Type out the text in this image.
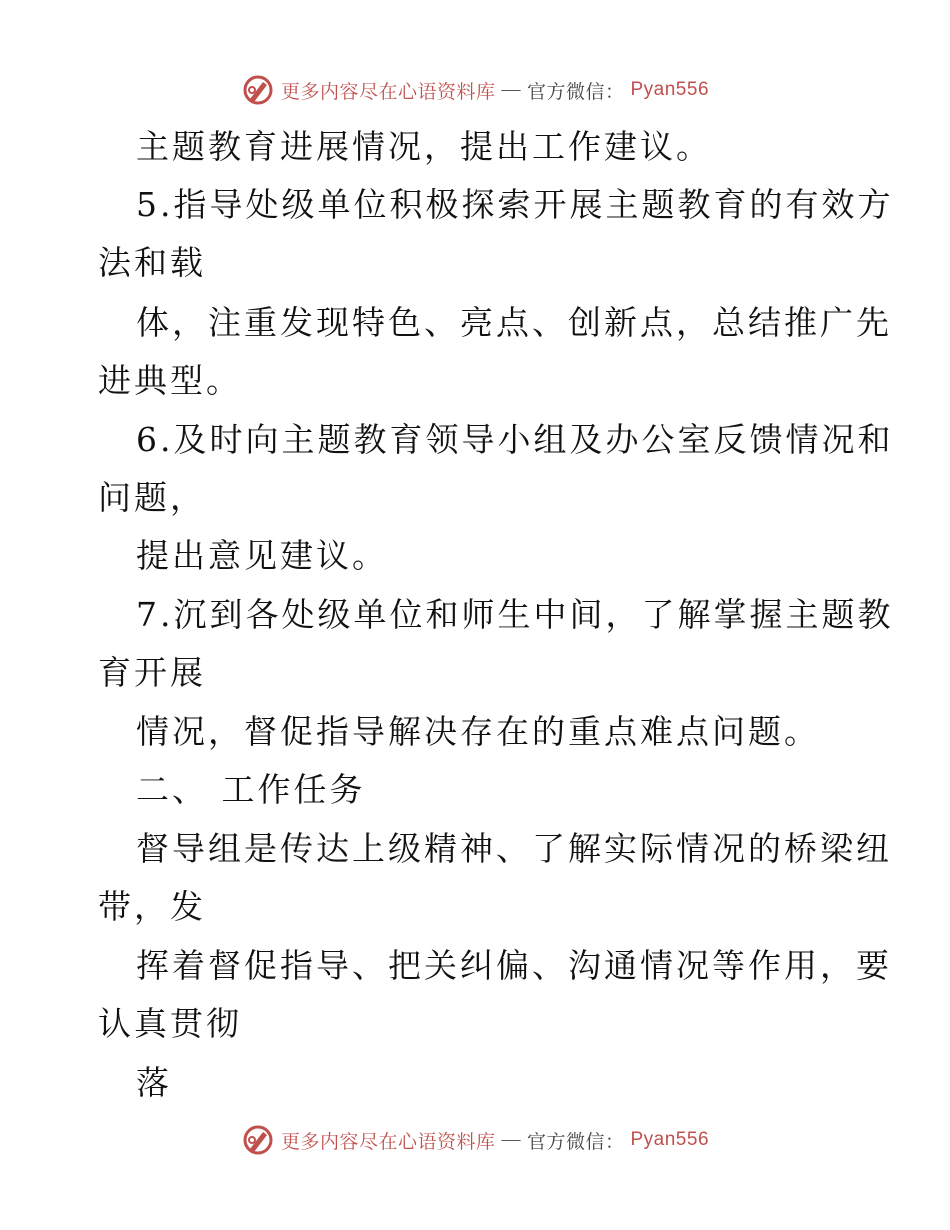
更多内容尽在心语资料库 — 官方微信： Pyan556
主题教育进展情况，提出工作建议。
5.指导处级单位积极探索开展主题教育的有效方
法和载
体，注重发现特色、亮点、创新点，总结推广先
进典型。
6.及时向主题教育领导小组及办公室反馈情况和
问题，
提出意见建议。
7.沉到各处级单位和师生中间，了解掌握主题教
育开展
情况，督促指导解决存在的重点难点问题。
二、 工作任务
督导组是传达上级精神、了解实际情况的桥梁纽
带，发
挥着督促指导、把关纠偏、沟通情况等作用，要
认真贯彻
落
更多内容尽在心语资料库 — 官方微信： Pyan556
